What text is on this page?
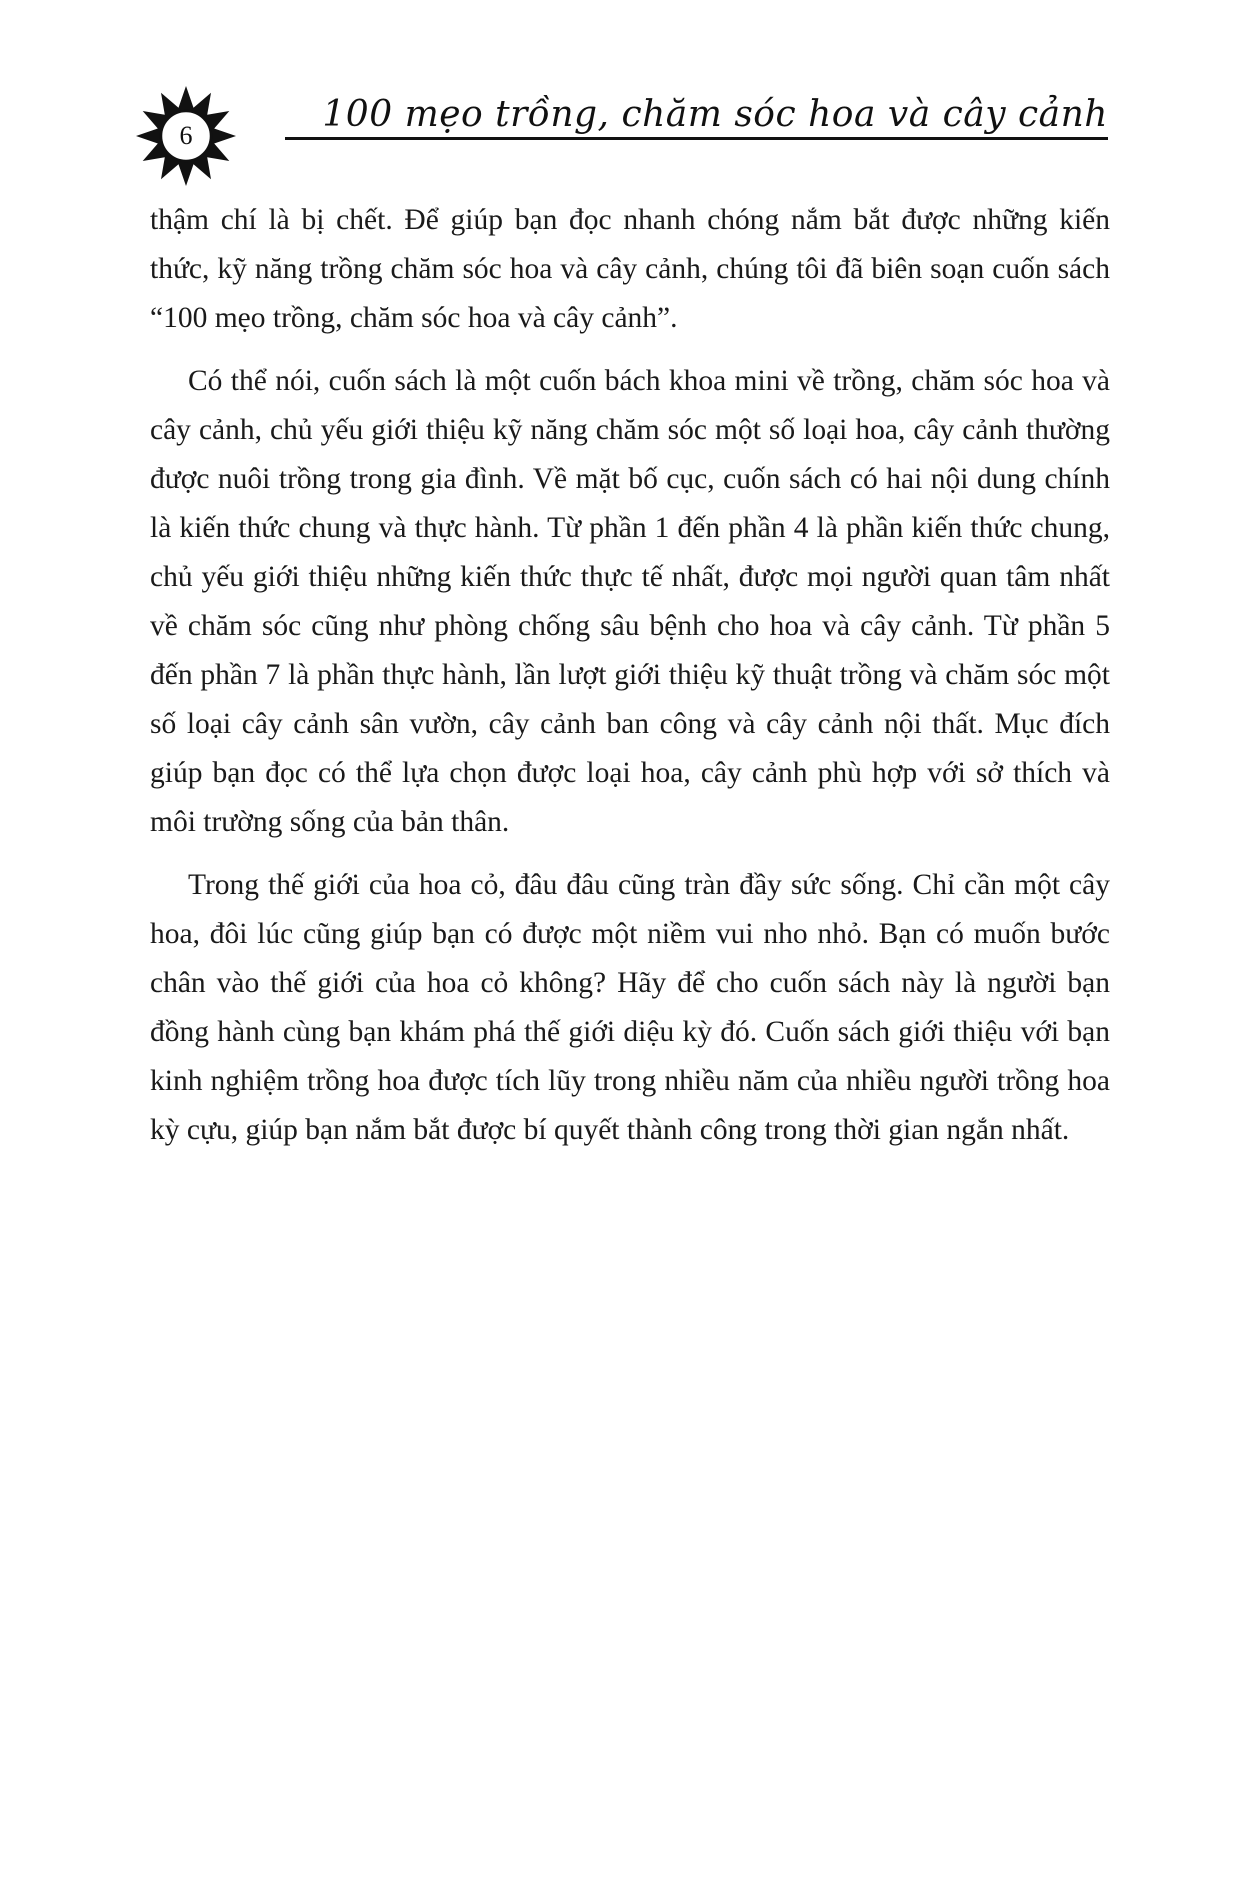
6
100 mẹo trồng, chăm sóc hoa và cây cảnh

thậm chí là bị chết. Để giúp bạn đọc nhanh chóng nắm bắt được những kiến thức, kỹ năng trồng chăm sóc hoa và cây cảnh, chúng tôi đã biên soạn cuốn sách “100 mẹo trồng, chăm sóc hoa và cây cảnh”.

Có thể nói, cuốn sách là một cuốn bách khoa mini về trồng, chăm sóc hoa và cây cảnh, chủ yếu giới thiệu kỹ năng chăm sóc một số loại hoa, cây cảnh thường được nuôi trồng trong gia đình. Về mặt bố cục, cuốn sách có hai nội dung chính là kiến thức chung và thực hành. Từ phần 1 đến phần 4 là phần kiến thức chung, chủ yếu giới thiệu những kiến thức thực tế nhất, được mọi người quan tâm nhất về chăm sóc cũng như phòng chống sâu bệnh cho hoa và cây cảnh. Từ phần 5 đến phần 7 là phần thực hành, lần lượt giới thiệu kỹ thuật trồng và chăm sóc một số loại cây cảnh sân vườn, cây cảnh ban công và cây cảnh nội thất. Mục đích giúp bạn đọc có thể lựa chọn được loại hoa, cây cảnh phù hợp với sở thích và môi trường sống của bản thân.

Trong thế giới của hoa cỏ, đâu đâu cũng tràn đầy sức sống. Chỉ cần một cây hoa, đôi lúc cũng giúp bạn có được một niềm vui nho nhỏ. Bạn có muốn bước chân vào thế giới của hoa cỏ không? Hãy để cho cuốn sách này là người bạn đồng hành cùng bạn khám phá thế giới diệu kỳ đó. Cuốn sách giới thiệu với bạn kinh nghiệm trồng hoa được tích lũy trong nhiều năm của nhiều người trồng hoa kỳ cựu, giúp bạn nắm bắt được bí quyết thành công trong thời gian ngắn nhất.
